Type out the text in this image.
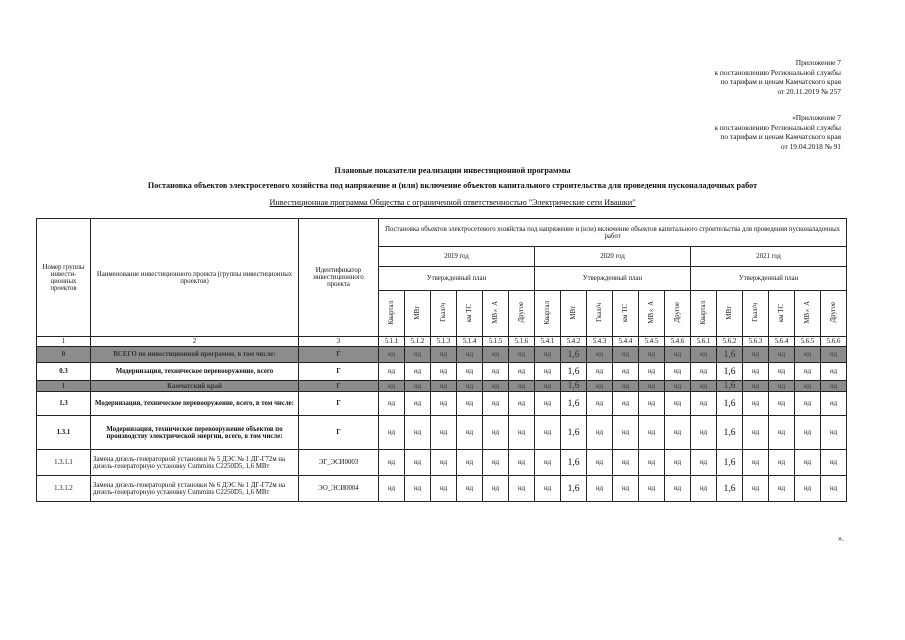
Приложение 7
к постановлению Региональной службы
по тарифам и ценам Камчатского края
от 20.11.2019 № 257
«Приложение 7
к постановлению Региональной службы
по тарифам и ценам Камчатского края
от 19.04.2018 № 91
Плановые показатели реализации инвестиционной программы
Постановка объектов электросетевого хозяйства под напряжение и (или) включение объектов капитального строительства для проведения пусконаладочных работ
Инвестиционная программа Общества с ограниченной ответственностью "Электрические сети Ивашки"
Номер группы инвести-ционных проектов	Наименование инвестиционного проекта (группы инвестиционных проектов)	Идентификатор инвестиционного проекта	Постановка объектов электросетевого хозяйства под напряжение и (или) включение объектов капитального строительства для проведения пусконаладочных работ																	
			2019 год						2020 год						2021 год					
			Утвержденный план						Утвержденный план						Утвержденный план					
			Квартал	МВт	Гкал/ч	км ТС	МВ×А	Другое	Квартал	МВт	Гкал/ч	км ТС	МВ×А	Другое	Квартал	МВт	Гкал/ч	км ТС	МВ×А	Другое
1	2	3	5.1.1	5.1.2	5.1.3	5.1.4	5.1.5	5.1.6	5.4.1	5.4.2	5.4.3	5.4.4	5.4.5	5.4.6	5.6.1	5.6.2	5.6.3	5.6.4	5.6.5	5.6.6
0	ВСЕГО по инвестиционной программе, в том числе:	Г	нд	нд	нд	нд	нд	нд	нд	1,6	нд	нд	нд	нд	нд	1,6	нд	нд	нд	нд
0.3	Модернизация, техническое перевооружение, всего	Г	нд	нд	нд	нд	нд	нд	нд	1,6	нд	нд	нд	нд	нд	1,6	нд	нд	нд	нд
1	Камчатский край	Г	нд	нд	нд	нд	нд	нд	нд	1,6	нд	нд	нд	нд	нд	1,6	нд	нд	нд	нд
1.3	Модернизация, техническое перевооружение, всего, в том числе:	Г	нд	нд	нд	нд	нд	нд	нд	1,6	нд	нд	нд	нд	нд	1,6	нд	нд	нд	нд
1.3.1	Модернизация, техническое перевооружение объектов по производству электрической энергии, всего, в том числе:	Г	нд	нд	нд	нд	нд	нд	нд	1,6	нд	нд	нд	нд	нд	1,6	нд	нд	нд	нд
1.3.1.1	Замена дизель-генераторной установки № 5 ДЭС № 1 ДГ-Г72м на дизель-генераторную установку Cummins C2250D5, 1,6 МВт	ЭГ_ЭСИ0003	нд	нд	нд	нд	нд	нд	нд	1,6	нд	нд	нд	нд	нд	1,6	нд	нд	нд	нд
1.3.1.2	Замена дизель-генераторной установки № 6 ДЭС № 1 ДГ-Г72м на дизель-генераторную установку Cummins C2250D5, 1,6 МВт	ЭО_ЭСИ0004	нд	нд	нд	нд	нд	нд	нд	1,6	нд	нд	нд	нд	нд	1,6	нд	нд	нд	нд
».
